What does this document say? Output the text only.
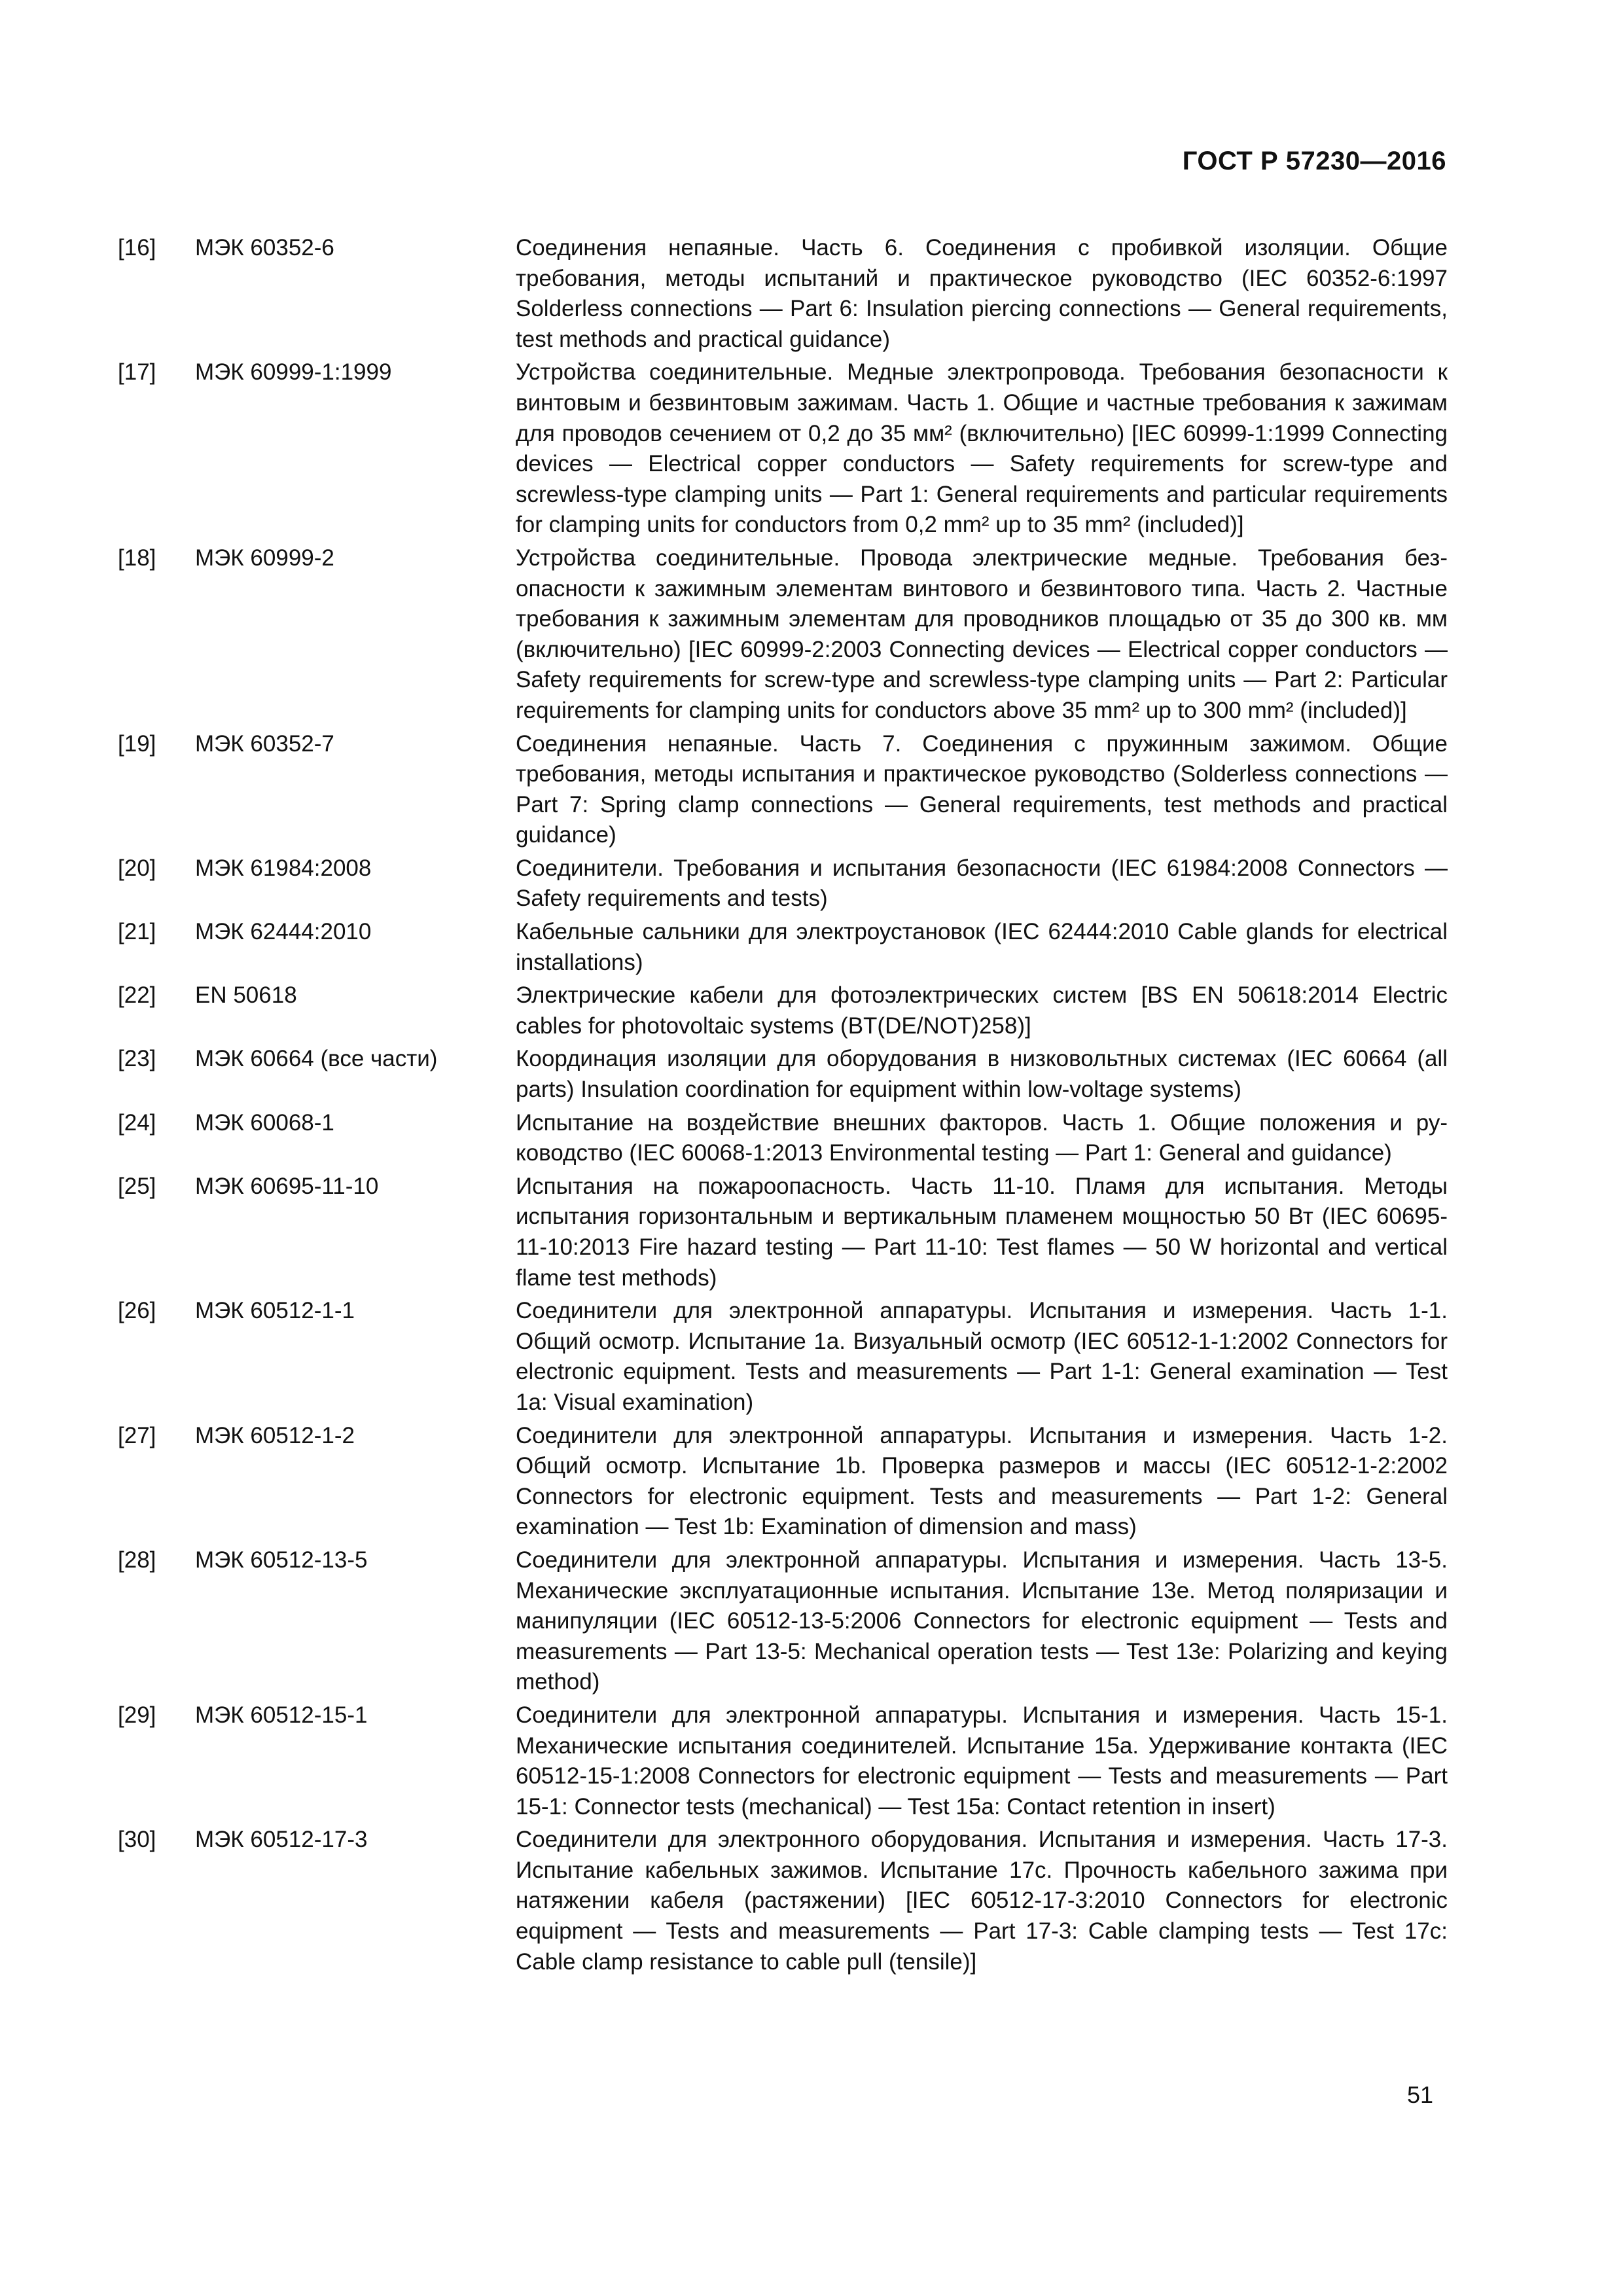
ГОСТ Р 57230—2016
[16]	МЭК 60352-6	Соединения непаяные. Часть 6. Соединения с пробивкой изоляции. Общие требования, методы испытаний и практическое руководство (IEC 60352-6:1997 Solderless connections — Part 6: Insulation piercing connections — General requirements, test methods and practical guidance)
[17]	МЭК 60999-1:1999	Устройства соединительные. Медные электропровода. Требования безопасности к винтовым и безвинтовым зажимам. Часть 1. Общие и частные требования к зажимам для проводов сечением от 0,2 до 35 мм² (включительно) [IEC 60999-1:1999 Connecting devices — Electrical copper conductors — Safety requirements for screw-type and screwless-type clamping units — Part 1: General requirements and particular requirements for clamping units for conductors from 0,2 mm² up to 35 mm² (included)]
[18]	МЭК 60999-2	Устройства соединительные. Провода электрические медные. Требования безопасности к зажимным элементам винтового и безвинтового типа. Часть 2. Частные требования к зажимным элементам для проводников площадью от 35 до 300 кв. мм (включительно) [IEC 60999-2:2003 Connecting devices — Electrical copper conductors — Safety requirements for screw-type and screwless-type clamping units — Part 2: Particular requirements for clamping units for conductors above 35 mm² up to 300 mm² (included)]
[19]	МЭК 60352-7	Соединения непаяные. Часть 7. Соединения с пружинным зажимом. Общие требования, методы испытания и практическое руководство (Solderless connections — Part 7: Spring clamp connections — General requirements, test methods and practical guidance)
[20]	МЭК 61984:2008	Соединители. Требования и испытания безопасности (IEC 61984:2008 Connectors — Safety requirements and tests)
[21]	МЭК 62444:2010	Кабельные сальники для электроустановок (IEC 62444:2010 Cable glands for electrical installations)
[22]	EN 50618	Электрические кабели для фотоэлектрических систем [BS EN 50618:2014 Electric cables for photovoltaic systems (BT(DE/NOT)258)]
[23]	МЭК 60664 (все части)	Координация изоляции для оборудования в низковольтных системах (IEC 60664 (all parts) Insulation coordination for equipment within low-voltage systems)
[24]	МЭК 60068-1	Испытание на воздействие внешних факторов. Часть 1. Общие положения и руководство (IEC 60068-1:2013 Environmental testing — Part 1: General and guidance)
[25]	МЭК 60695-11-10	Испытания на пожароопасность. Часть 11-10. Пламя для испытания. Методы испытания горизонтальным и вертикальным пламенем мощностью 50 Вт (IEC 60695-11-10:2013 Fire hazard testing — Part 11-10: Test flames — 50 W horizontal and vertical flame test methods)
[26]	МЭК 60512-1-1	Соединители для электронной аппаратуры. Испытания и измерения. Часть 1-1. Общий осмотр. Испытание 1a. Визуальный осмотр (IEC 60512-1-1:2002 Connectors for electronic equipment. Tests and measurements — Part 1-1: General examination — Test 1a: Visual examination)
[27]	МЭК 60512-1-2	Соединители для электронной аппаратуры. Испытания и измерения. Часть 1-2. Общий осмотр. Испытание 1b. Проверка размеров и массы (IEC 60512-1-2:2002 Connectors for electronic equipment. Tests and measurements — Part 1-2: General examination — Test 1b: Examination of dimension and mass)
[28]	МЭК 60512-13-5	Соединители для электронной аппаратуры. Испытания и измерения. Часть 13-5. Механические эксплуатационные испытания. Испытание 13e. Метод поляризации и манипуляции (IEC 60512-13-5:2006 Connectors for electronic equipment — Tests and measurements — Part 13-5: Mechanical operation tests — Test 13e: Polarizing and keying method)
[29]	МЭК 60512-15-1	Соединители для электронной аппаратуры. Испытания и измерения. Часть 15-1. Механические испытания соединителей. Испытание 15а. Удерживание контакта (IEC 60512-15-1:2008 Connectors for electronic equipment — Tests and measurements — Part 15-1: Connector tests (mechanical) — Test 15a: Contact retention in insert)
[30]	МЭК 60512-17-3	Соединители для электронного оборудования. Испытания и измерения. Часть 17-3. Испытание кабельных зажимов. Испытание 17c. Прочность кабельного зажима при натяжении кабеля (растяжении) [IEC 60512-17-3:2010 Connectors for electronic equipment — Tests and measurements — Part 17-3: Cable clamping tests — Test 17c: Cable clamp resistance to cable pull (tensile)]
51
